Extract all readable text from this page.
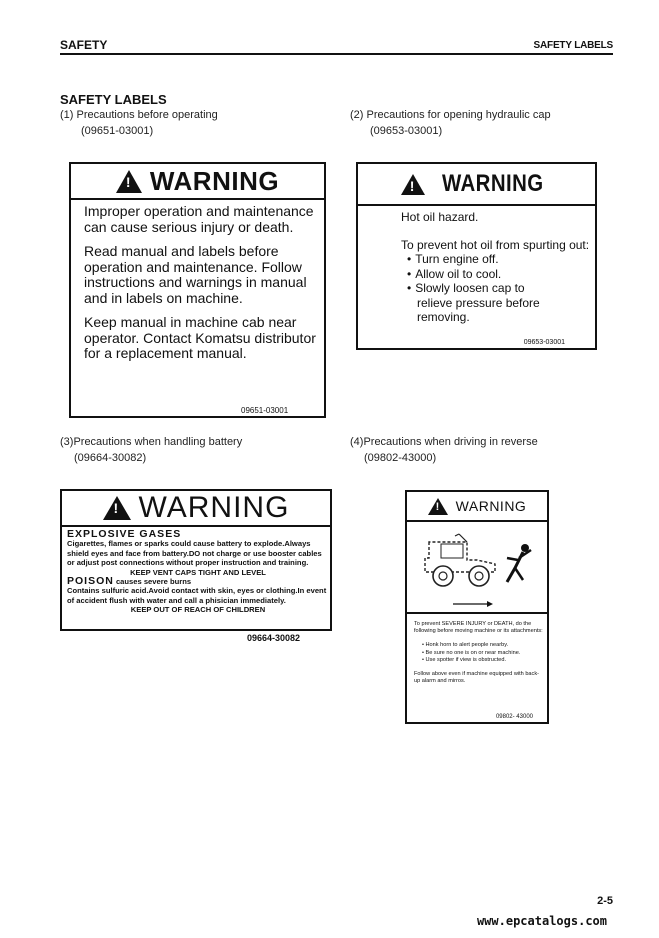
SAFETY	SAFETY LABELS
SAFETY LABELS
(1) Precautions before operating
(09651-03001)
(2) Precautions for opening hydraulic cap
(09653-03001)
(3)Precautions when handling battery
(09664-30082)
(4)Precautions when driving in reverse
(09802-43000)
!
WARNING

Improper operation and maintenance can cause serious injury or death.

Read manual and labels before operation and maintenance. Follow instructions and warnings in manual and in labels on machine.

Keep manual in machine cab near operator. Contact Komatsu distributor for a replacement manual.

09651-03001
!
WARNING
Hot oil hazard.
To prevent hot oil from spurting out:
• Turn engine off.
• Allow oil to cool.
• Slowly loosen cap to relieve pressure before removing.
09653-03001
!
WARNING
EXPLOSIVE GASES
Cigarettes, flames or sparks could cause battery to explode.Always shield eyes and face from battery.DO not charge or use booster cables or adjust post connections without proper instruction and training.
KEEP VENT CAPS TIGHT AND LEVEL
POISON causes severe burns
Contains sulfuric acid.Avoid contact with skin, eyes or clothing.In event of accident flush with water and call a phisician immediately.
KEEP OUT OF REACH OF CHILDREN
09664-30082
!
WARNING
To prevent SEVERE INJURY or DEATH, do the following before moving machine or its attachments:
• Honk horn to alert people nearby.
• Be sure no one is on or near machine.
• Use spotter if view is obstructed.
Follow above even if machine equipped with back-up alarm and mirros.
09802- 43000
2-5
www.epcatalogs.com
